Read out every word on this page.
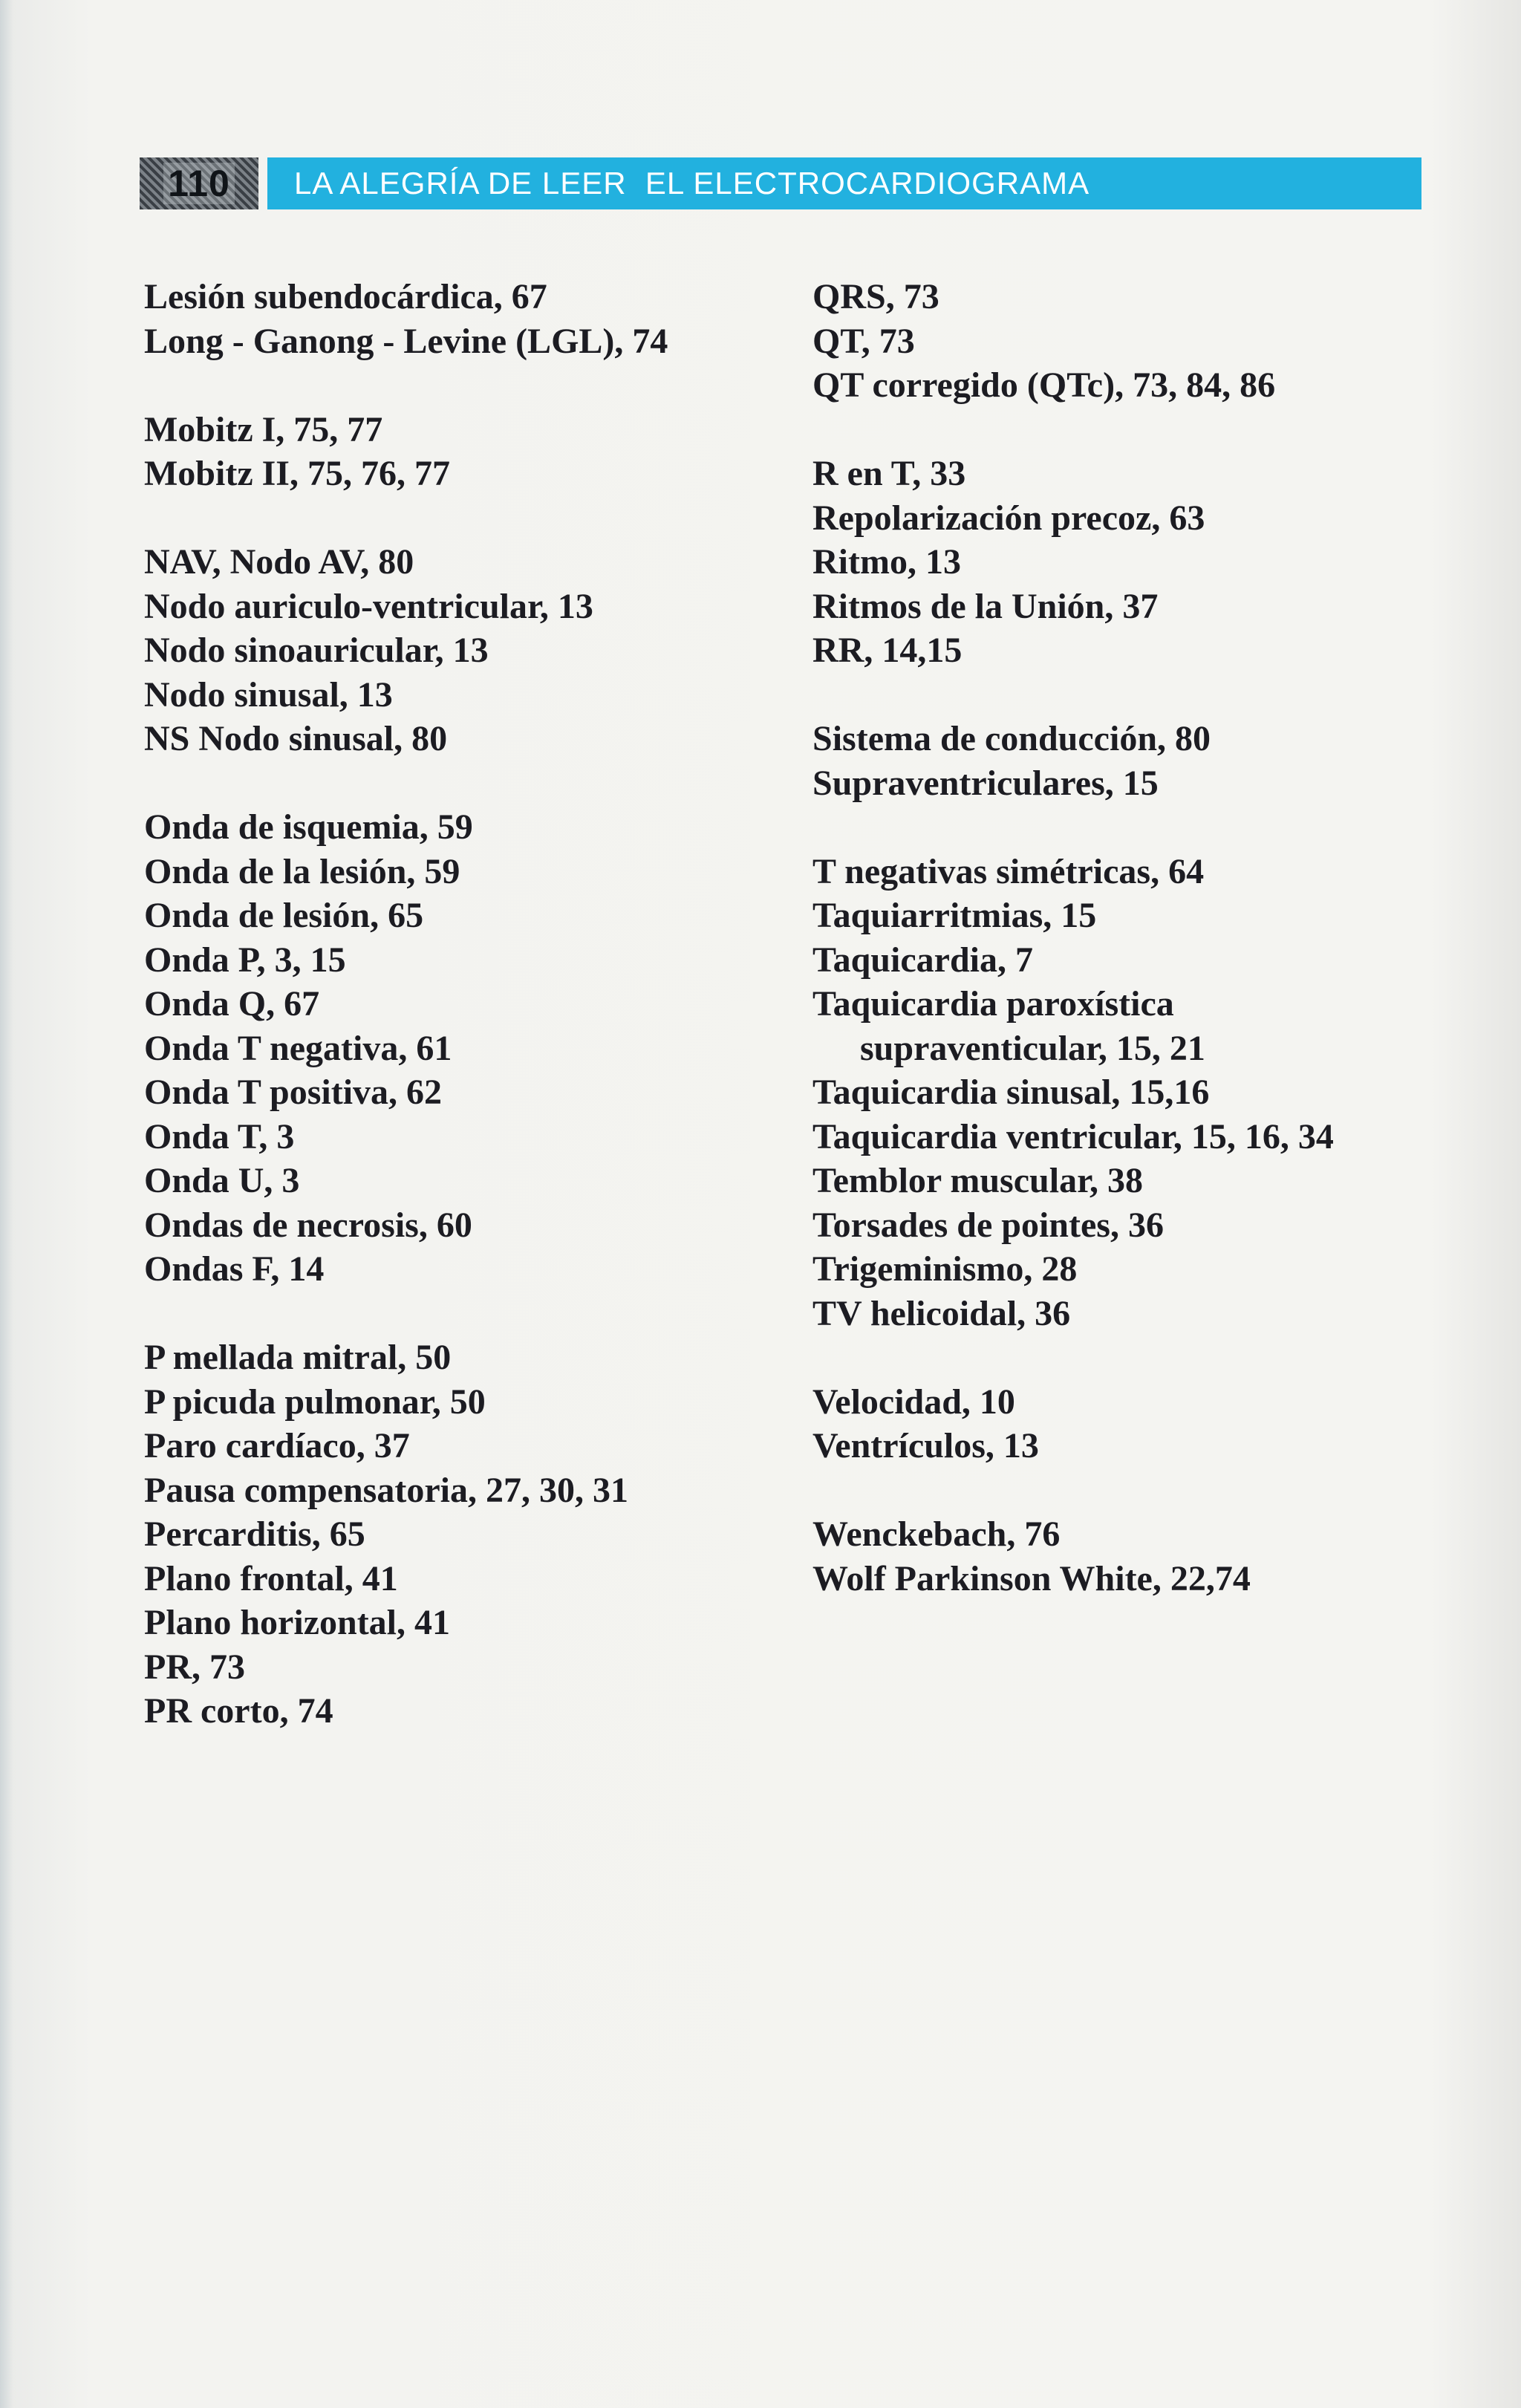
110	LA ALEGRÍA DE LEER  EL ELECTROCARDIOGRAMA
Lesión subendocárdica, 67
Long - Ganong - Levine (LGL), 74
Mobitz I, 75, 77
Mobitz II, 75, 76, 77
NAV, Nodo AV, 80
Nodo auriculo-ventricular, 13
Nodo sinoauricular, 13
Nodo sinusal, 13
NS Nodo sinusal, 80
Onda de isquemia, 59
Onda de la lesión, 59
Onda de lesión, 65
Onda P, 3, 15
Onda Q, 67
Onda T negativa, 61
Onda T positiva, 62
Onda T, 3
Onda U, 3
Ondas de necrosis, 60
Ondas F, 14
P mellada mitral, 50
P picuda pulmonar, 50
Paro cardíaco, 37
Pausa compensatoria, 27, 30, 31
Percarditis, 65
Plano frontal, 41
Plano horizontal, 41
PR, 73
PR corto, 74
QRS, 73
QT, 73
QT corregido (QTc), 73, 84, 86
R en T, 33
Repolarización precoz, 63
Ritmo, 13
Ritmos de la Unión, 37
RR, 14,15
Sistema de conducción, 80
Supraventriculares, 15
T negativas simétricas, 64
Taquiarritmias, 15
Taquicardia, 7
Taquicardia paroxística
supraventicular, 15, 21
Taquicardia sinusal, 15,16
Taquicardia ventricular, 15, 16, 34
Temblor muscular, 38
Torsades de pointes, 36
Trigeminismo, 28
TV helicoidal, 36
Velocidad, 10
Ventrículos, 13
Wenckebach, 76
Wolf Parkinson White, 22,74
